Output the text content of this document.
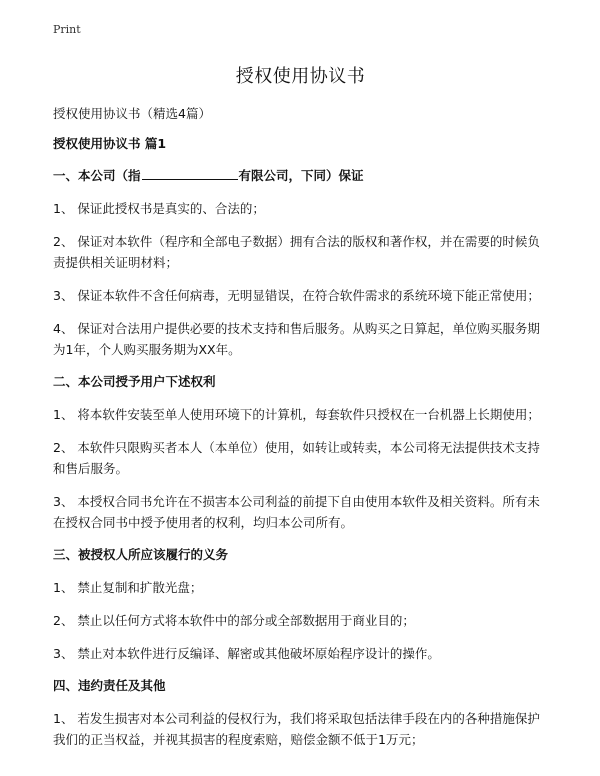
Print
授权使用协议书
授权使用协议书（精选4篇）
授权使用协议书 篇1
一、本公司（指	有限公司，下同）保证

1、 保证此授权书是真实的、合法的；

2、 保证对本软件（程序和全部电子数据）拥有合法的版权和著作权，并在需要的时候负责提供相关证明材料；

3、 保证本软件不含任何病毒，无明显错误，在符合软件需求的系统环境下能正常使用；

4、 保证对合法用户提供必要的技术支持和售后服务。从购买之日算起，单位购买服务期为1年，个人购买服务期为XX年。

二、本公司授予用户下述权利

1、 将本软件安装至单人使用环境下的计算机，每套软件只授权在一台机器上长期使用；

2、 本软件只限购买者本人（本单位）使用，如转让或转卖，本公司将无法提供技术支持和售后服务。

3、 本授权合同书允许在不损害本公司利益的前提下自由使用本软件及相关资料。所有未在授权合同书中授予使用者的权利，均归本公司所有。

三、被授权人所应该履行的义务

1、 禁止复制和扩散光盘；

2、 禁止以任何方式将本软件中的部分或全部数据用于商业目的；

3、 禁止对本软件进行反编译、解密或其他破坏原始程序设计的操作。

四、违约责任及其他

1、 若发生损害对本公司利益的侵权行为，我们将采取包括法律手段在内的各种措施保护我们的正当权益，并视其损害的程度索赔，赔偿金额不低于1万元；
